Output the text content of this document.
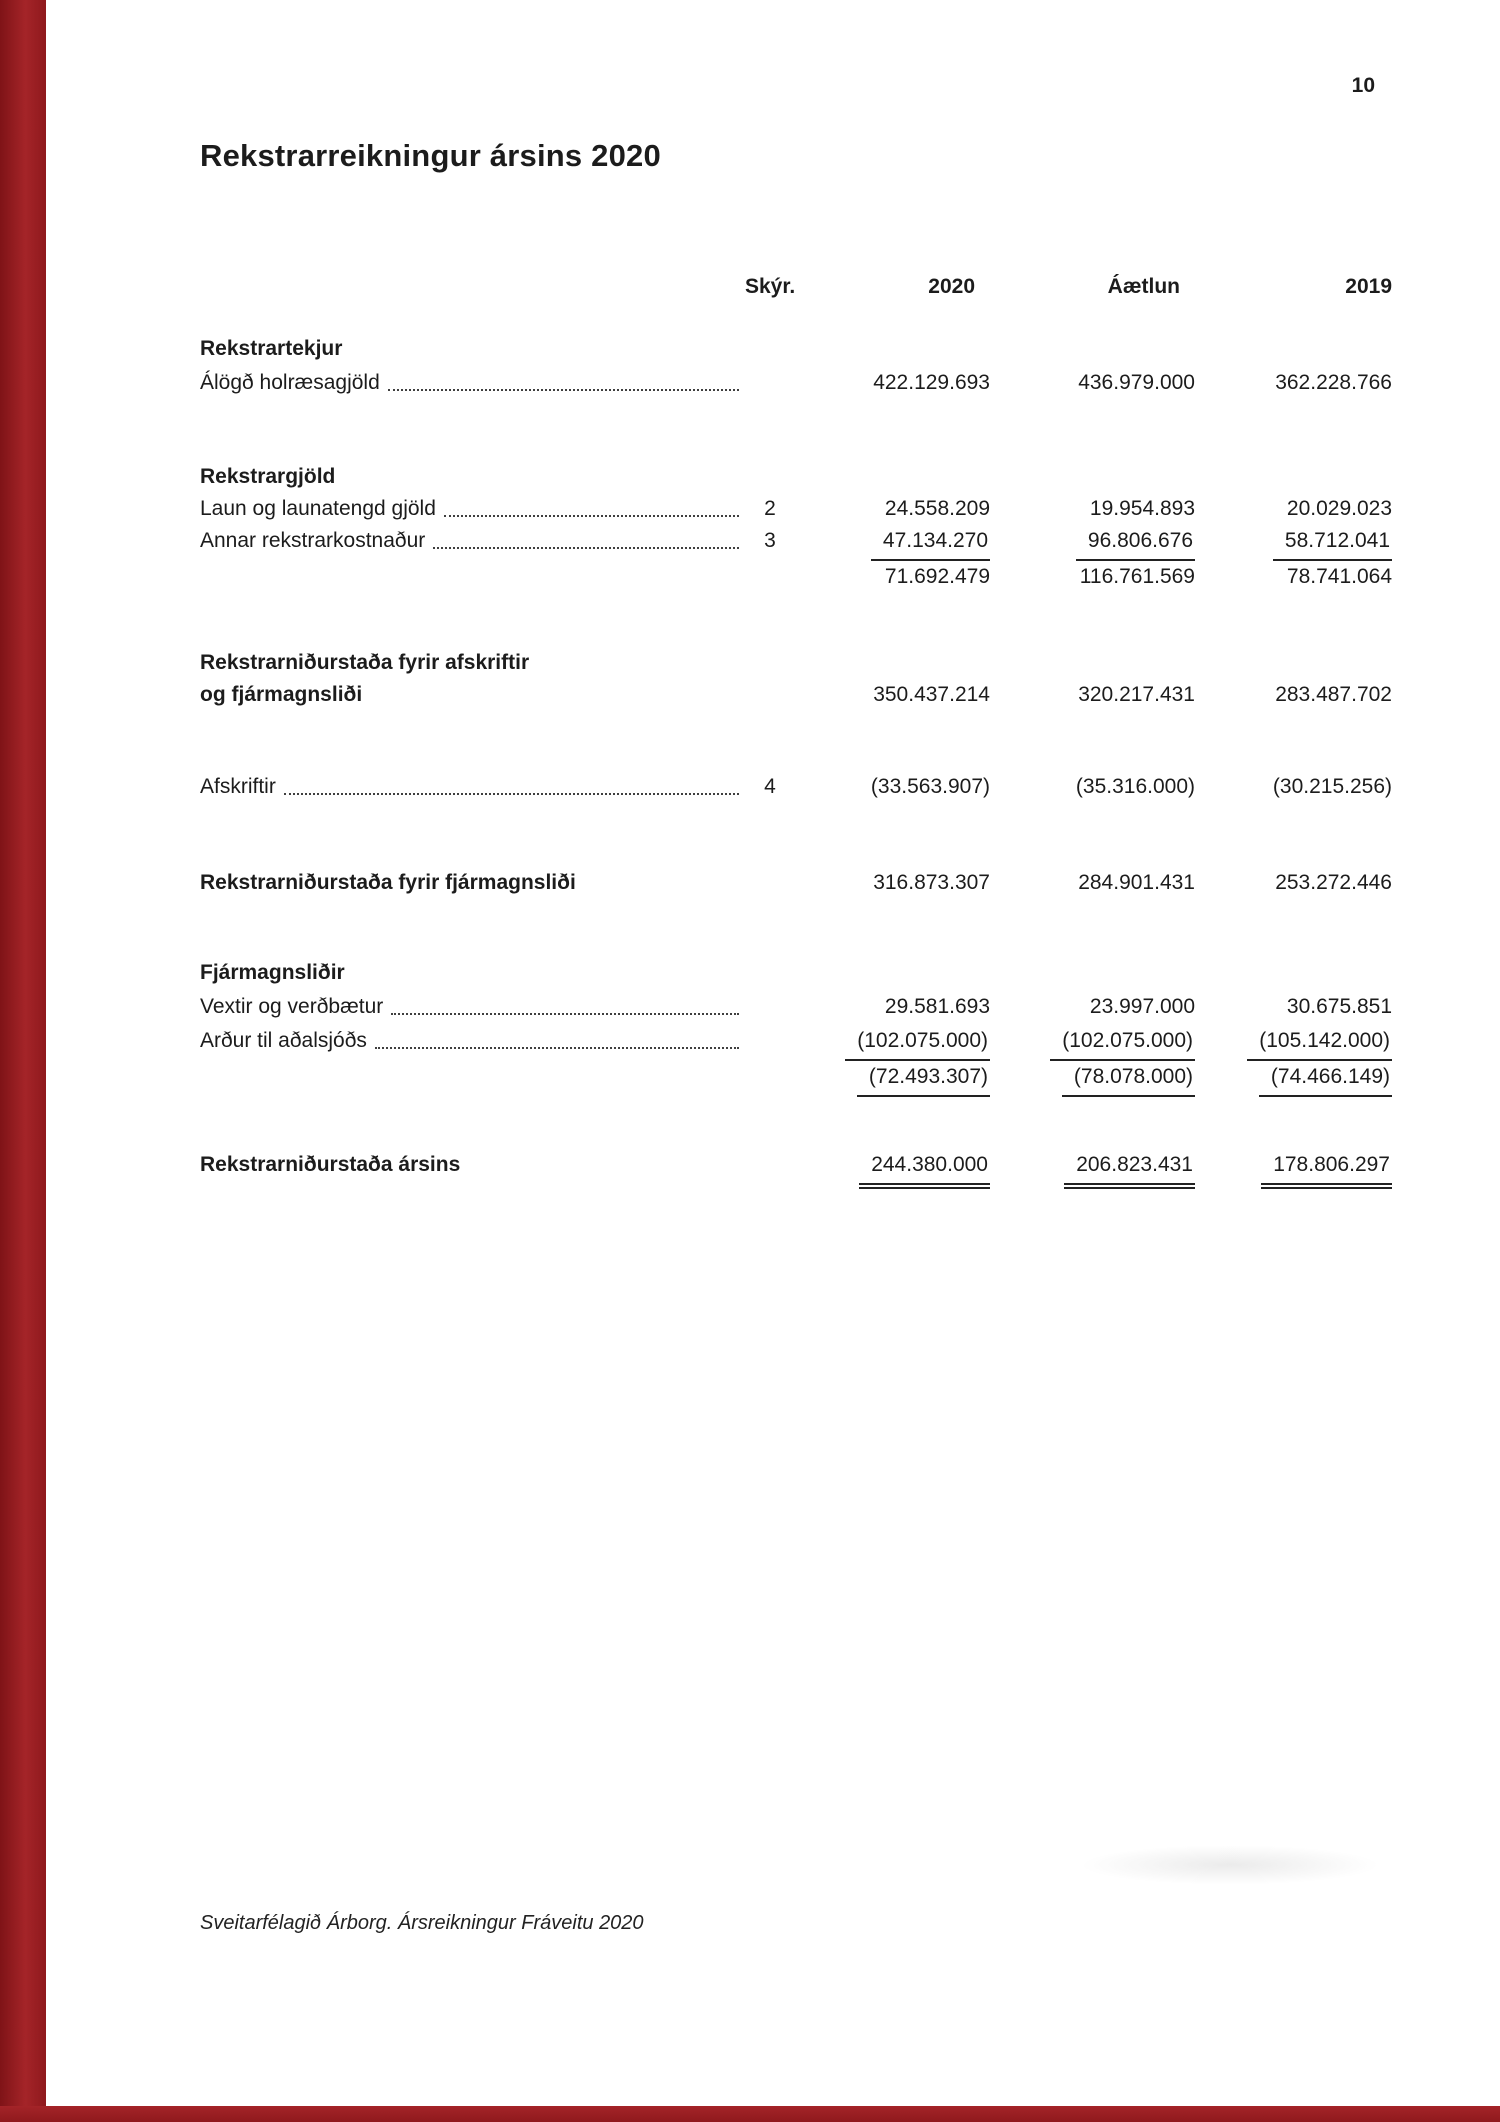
10
Rekstrarreikningur ársins 2020
Skýr.	2020	Áætlun	2019
Rekstrartekjur
Álögð holræsagjöld	422.129.693	436.979.000	362.228.766
Rekstrargjöld
Laun og launatengd gjöld	2	24.558.209	19.954.893	20.029.023
Annar rekstrarkostnaður	3	47.134.270	96.806.676	58.712.041
71.692.479	116.761.569	78.741.064
Rekstrarniðurstaða fyrir afskriftir
og fjármagnsliði	350.437.214	320.217.431	283.487.702
Afskriftir	4	(33.563.907)	(35.316.000)	(30.215.256)
Rekstrarniðurstaða fyrir fjármagnsliði	316.873.307	284.901.431	253.272.446
Fjármagnsliðir
Vextir og verðbætur	29.581.693	23.997.000	30.675.851
Arður til aðalsjóðs	(102.075.000)	(102.075.000)	(105.142.000)
(72.493.307)	(78.078.000)	(74.466.149)
Rekstrarniðurstaða ársins	244.380.000	206.823.431	178.806.297
Sveitarfélagið Árborg. Ársreikningur Fráveitu 2020
